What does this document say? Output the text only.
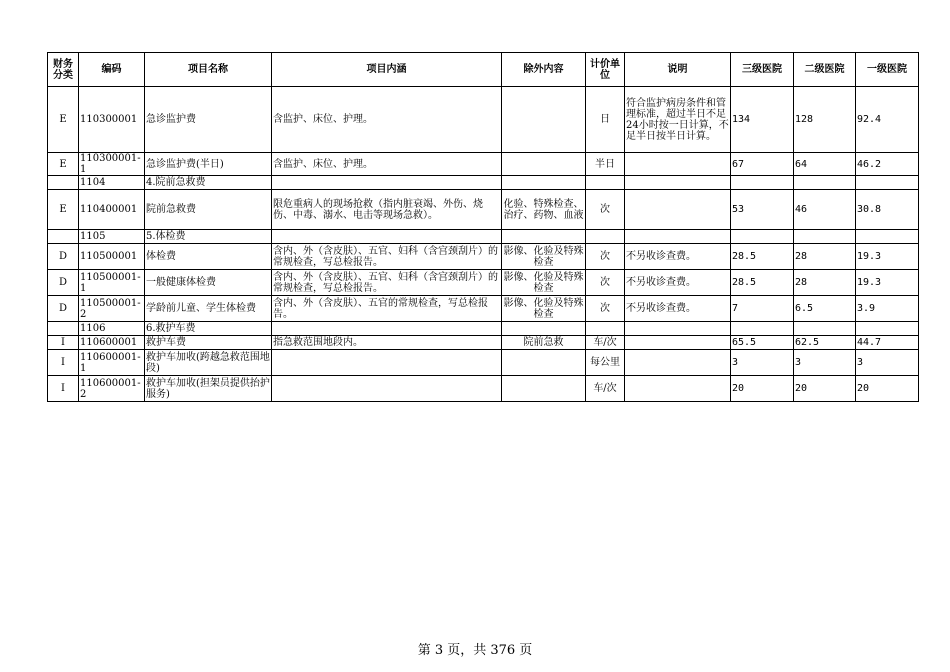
财务分类	编码	项目名称	项目内涵	除外内容	计价单位	说明	三级医院	二级医院	一级医院
E	110300001	急诊监护费	含监护、床位、护理。		日	符合监护病房条件和管理标准，超过半日不足24小时按一日计算，不足半日按半日计算。	134	128	92.4
E	110300001-1	急诊监护费(半日)	含监护、床位、护理。		半日		67	64	46.2
	1104	4.院前急救费							
E	110400001	院前急救费	限危重病人的现场抢救（指内脏衰竭、外伤、烧伤、中毒、溺水、电击等现场急救）。	化验、特殊检查、治疗、药物、血液	次		53	46	30.8
	1105	5.体检费							
D	110500001	体检费	含内、外（含皮肤）、五官、妇科（含宫颈刮片）的常规检查，写总检报告。	影像、化验及特殊检查	次	不另收诊查费。	28.5	28	19.3
D	110500001-1	一般健康体检费	含内、外（含皮肤）、五官、妇科（含宫颈刮片）的常规检查，写总检报告。	影像、化验及特殊检查	次	不另收诊查费。	28.5	28	19.3
D	110500001-2	学龄前儿童、学生体检费	含内、外（含皮肤）、五官的常规检查，写总检报告。	影像、化验及特殊检查	次	不另收诊查费。	7	6.5	3.9
	1106	6.救护车费							
I	110600001	救护车费	指急救范围地段内。	院前急救	车/次		65.5	62.5	44.7
I	110600001-1	救护车加收(跨越急救范围地段)			每公里		3	3	3
I	110600001-2	救护车加收(担架员提供抬护服务)			车/次		20	20	20
第 3 页，共 376 页
